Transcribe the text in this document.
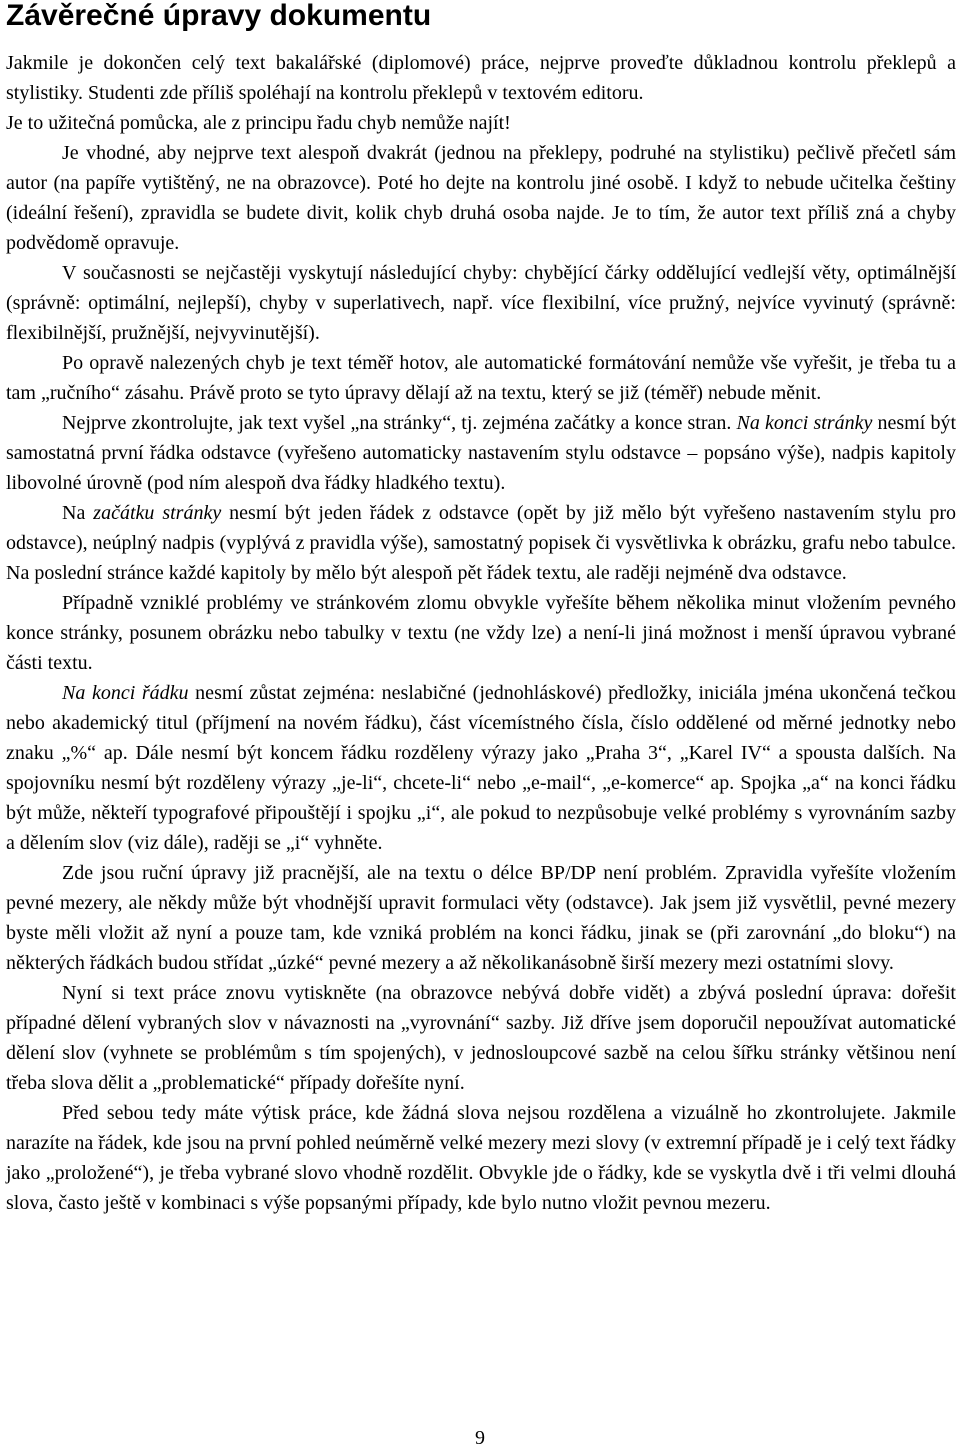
Závěrečné úpravy dokumentu

Jakmile je dokončen celý text bakalářské (diplomové) práce, nejprve proveďte důkladnou kontrolu překlepů a stylistiky. Studenti zde příliš spoléhají na kontrolu překlepů v textovém editoru.
Je to užitečná pomůcka, ale z principu řadu chyb nemůže najít!

Je vhodné, aby nejprve text alespoň dvakrát (jednou na překlepy, podruhé na stylistiku) pečlivě přečetl sám autor (na papíře vytištěný, ne na obrazovce). Poté ho dejte na kontrolu jiné osobě. I když to nebude učitelka češtiny (ideální řešení), zpravidla se budete divit, kolik chyb druhá osoba najde. Je to tím, že autor text příliš zná a chyby podvědomě opravuje.

V současnosti se nejčastěji vyskytují následující chyby: chybějící čárky oddělující vedlejší věty, optimálnější (správně: optimální, nejlepší), chyby v superlativech, např. více flexibilní, více pružný, nejvíce vyvinutý (správně: flexibilnější, pružnější, nejvyvinutější).

Po opravě nalezených chyb je text téměř hotov, ale automatické formátování nemůže vše vyřešit, je třeba tu a tam „ručního“ zásahu. Právě proto se tyto úpravy dělají až na textu, který se již (téměř) nebude měnit.

Nejprve zkontrolujte, jak text vyšel „na stránky“, tj. zejména začátky a konce stran. Na konci stránky nesmí být samostatná první řádka odstavce (vyřešeno automaticky nastavením stylu odstavce – popsáno výše), nadpis kapitoly libovolné úrovně (pod ním alespoň dva řádky hladkého textu).

Na začátku stránky nesmí být jeden řádek z odstavce (opět by již mělo být vyřešeno nastavením stylu pro odstavce), neúplný nadpis (vyplývá z pravidla výše), samostatný popisek či vysvětlivka k obrázku, grafu nebo tabulce. Na poslední stránce každé kapitoly by mělo být alespoň pět řádek textu, ale raději nejméně dva odstavce.

Případně vzniklé problémy ve stránkovém zlomu obvykle vyřešíte během několika minut vložením pevného konce stránky, posunem obrázku nebo tabulky v textu (ne vždy lze) a není-li jiná možnost i menší úpravou vybrané části textu.

Na konci řádku nesmí zůstat zejména: neslabičné (jednohláskové) předložky, iniciála jména ukončená tečkou nebo akademický titul (příjmení na novém řádku), část vícemístného čísla, číslo oddělené od měrné jednotky nebo znaku „%“ ap. Dále nesmí být koncem řádku rozděleny výrazy jako „Praha 3“, „Karel IV“ a spousta dalších. Na spojovníku nesmí být rozděleny výrazy „je-li“, chcete-li“ nebo „e-mail“, „e-komerce“ ap. Spojka „a“ na konci řádku být může, někteří typografové připouštějí i spojku „i“, ale pokud to nezpůsobuje velké problémy s vyrovnáním sazby a dělením slov (viz dále), raději se „i“ vyhněte.

Zde jsou ruční úpravy již pracnější, ale na textu o délce BP/DP není problém. Zpravidla vyřešíte vložením pevné mezery, ale někdy může být vhodnější upravit formulaci věty (odstavce). Jak jsem již vysvětlil, pevné mezery byste měli vložit až nyní a pouze tam, kde vzniká problém na konci řádku, jinak se (při zarovnání „do bloku“) na některých řádkách budou střídat „úzké“ pevné mezery a až několikanásobně širší mezery mezi ostatními slovy.

Nyní si text práce znovu vytiskněte (na obrazovce nebývá dobře vidět) a zbývá poslední úprava: dořešit případné dělení vybraných slov v návaznosti na „vyrovnání“ sazby. Již dříve jsem doporučil nepoužívat automatické dělení slov (vyhnete se problémům s tím spojených), v jednosloupcové sazbě na celou šířku stránky většinou není třeba slova dělit a „problematické“ případy dořešíte nyní.

Před sebou tedy máte výtisk práce, kde žádná slova nejsou rozdělena a vizuálně ho zkontrolujete. Jakmile narazíte na řádek, kde jsou na první pohled neúměrně velké mezery mezi slovy (v extremní případě je i celý text řádky jako „proložené“), je třeba vybrané slovo vhodně rozdělit. Obvykle jde o řádky, kde se vyskytla dvě i tři velmi dlouhá slova, často ještě v kombinaci s výše popsanými případy, kde bylo nutno vložit pevnou mezeru.

9
